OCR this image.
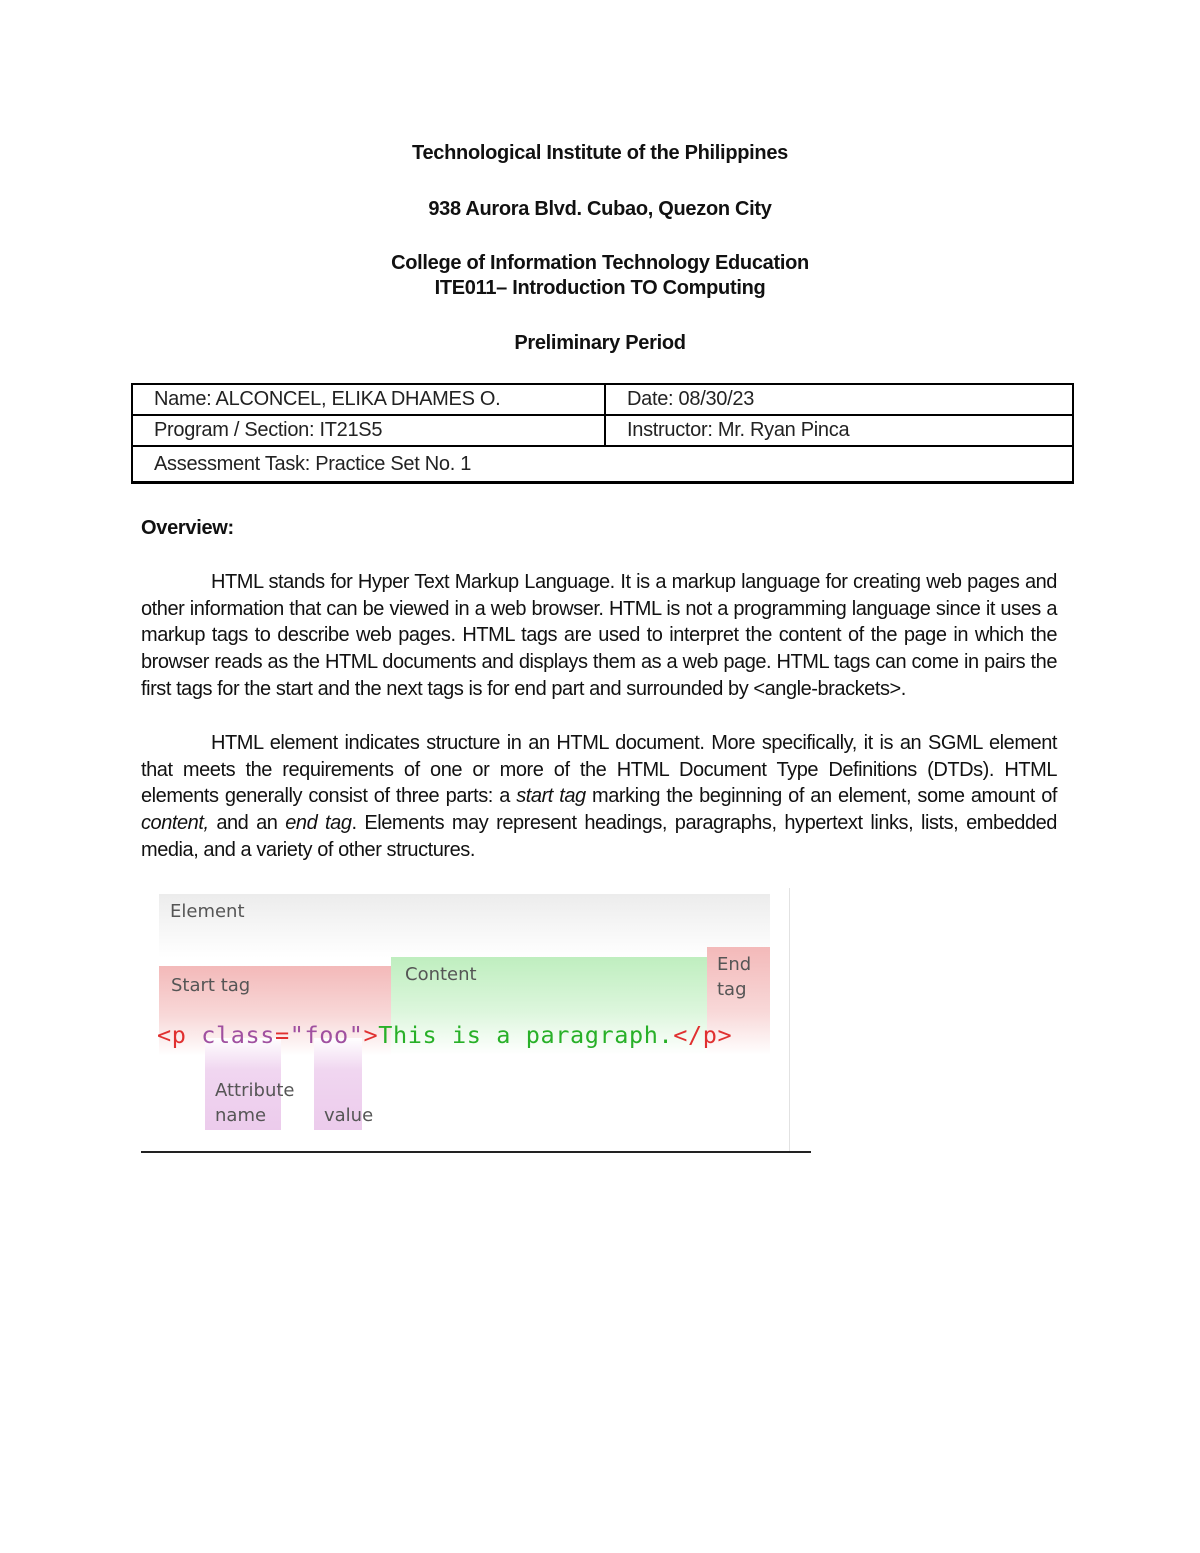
Technological Institute of the Philippines
938 Aurora Blvd. Cubao, Quezon City
College of Information Technology Education
ITE011– Introduction TO Computing
Preliminary Period
Name: ALCONCEL, ELIKA DHAMES O.	Date: 08/30/23
Program / Section: IT21S5	Instructor: Mr. Ryan Pinca
Assessment Task: Practice Set No. 1	
Overview:

HTML stands for Hyper Text Markup Language. It is a markup language for creating web pages and other information that can be viewed in a web browser. HTML is not a programming language since it uses a markup tags to describe web pages. HTML tags are used to interpret the content of the page in which the browser reads as the HTML documents and displays them as a web page. HTML tags can come in pairs the first tags for the start and the next tags is for end part and surrounded by <angle-brackets>.

HTML element indicates structure in an HTML document. More specifically, it is an SGML element that meets the requirements of one or more of the HTML Document Type Definitions (DTDs). HTML elements generally consist of three parts: a start tag marking the beginning of an element, some amount of content, and an end tag. Elements may represent headings, paragraphs, hypertext links, lists, embedded media, and a variety of other structures.

Element
Start tag
Content	End
tag
Attribute
name	value
<p class="foo">This is a paragraph.</p>
